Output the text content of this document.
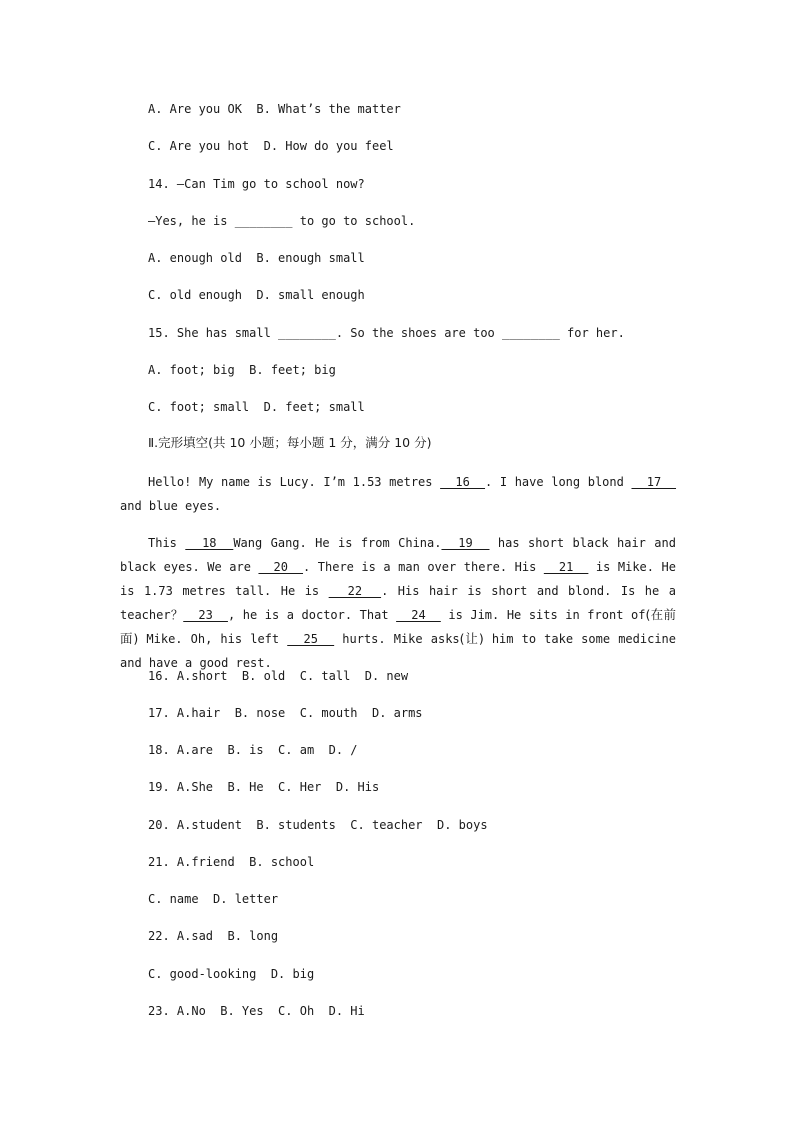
A. Are you OK  B. What’s the matter
C. Are you hot  D. How do you feel
14. —Can Tim go to school now?
—Yes, he is ________ to go to school.
A. enough old  B. enough small
C. old enough  D. small enough
15. She has small ________. So the shoes are too ________ for her.
A. foot; big  B. feet; big
C. foot; small  D. feet; small
Ⅱ.完形填空(共 10 小题；每小题 1 分，满分 10 分)
Hello! My name is Lucy. I’m 1.53 metres   16  . I have long blond   17   and blue eyes.
This   18  Wang Gang. He is from China.  19   has short black hair and black eyes. We are   20  . There is a man over there. His   21   is Mike. He is 1.73 metres tall. He is   22  . His hair is short and blond. Is he a teacher？  23  , he is a doctor. That   24   is Jim. He sits in front of(在前面) Mike. Oh, his left   25   hurts. Mike asks(让) him to take some medicine and have a good rest.
16. A.short  B. old  C. tall  D. new
17. A.hair  B. nose  C. mouth  D. arms
18. A.are  B. is  C. am  D. /
19. A.She  B. He  C. Her  D. His
20. A.student  B. students  C. teacher  D. boys
21. A.friend  B. school
C. name  D. letter
22. A.sad  B. long
C. good-looking  D. big
23. A.No  B. Yes  C. Oh  D. Hi
